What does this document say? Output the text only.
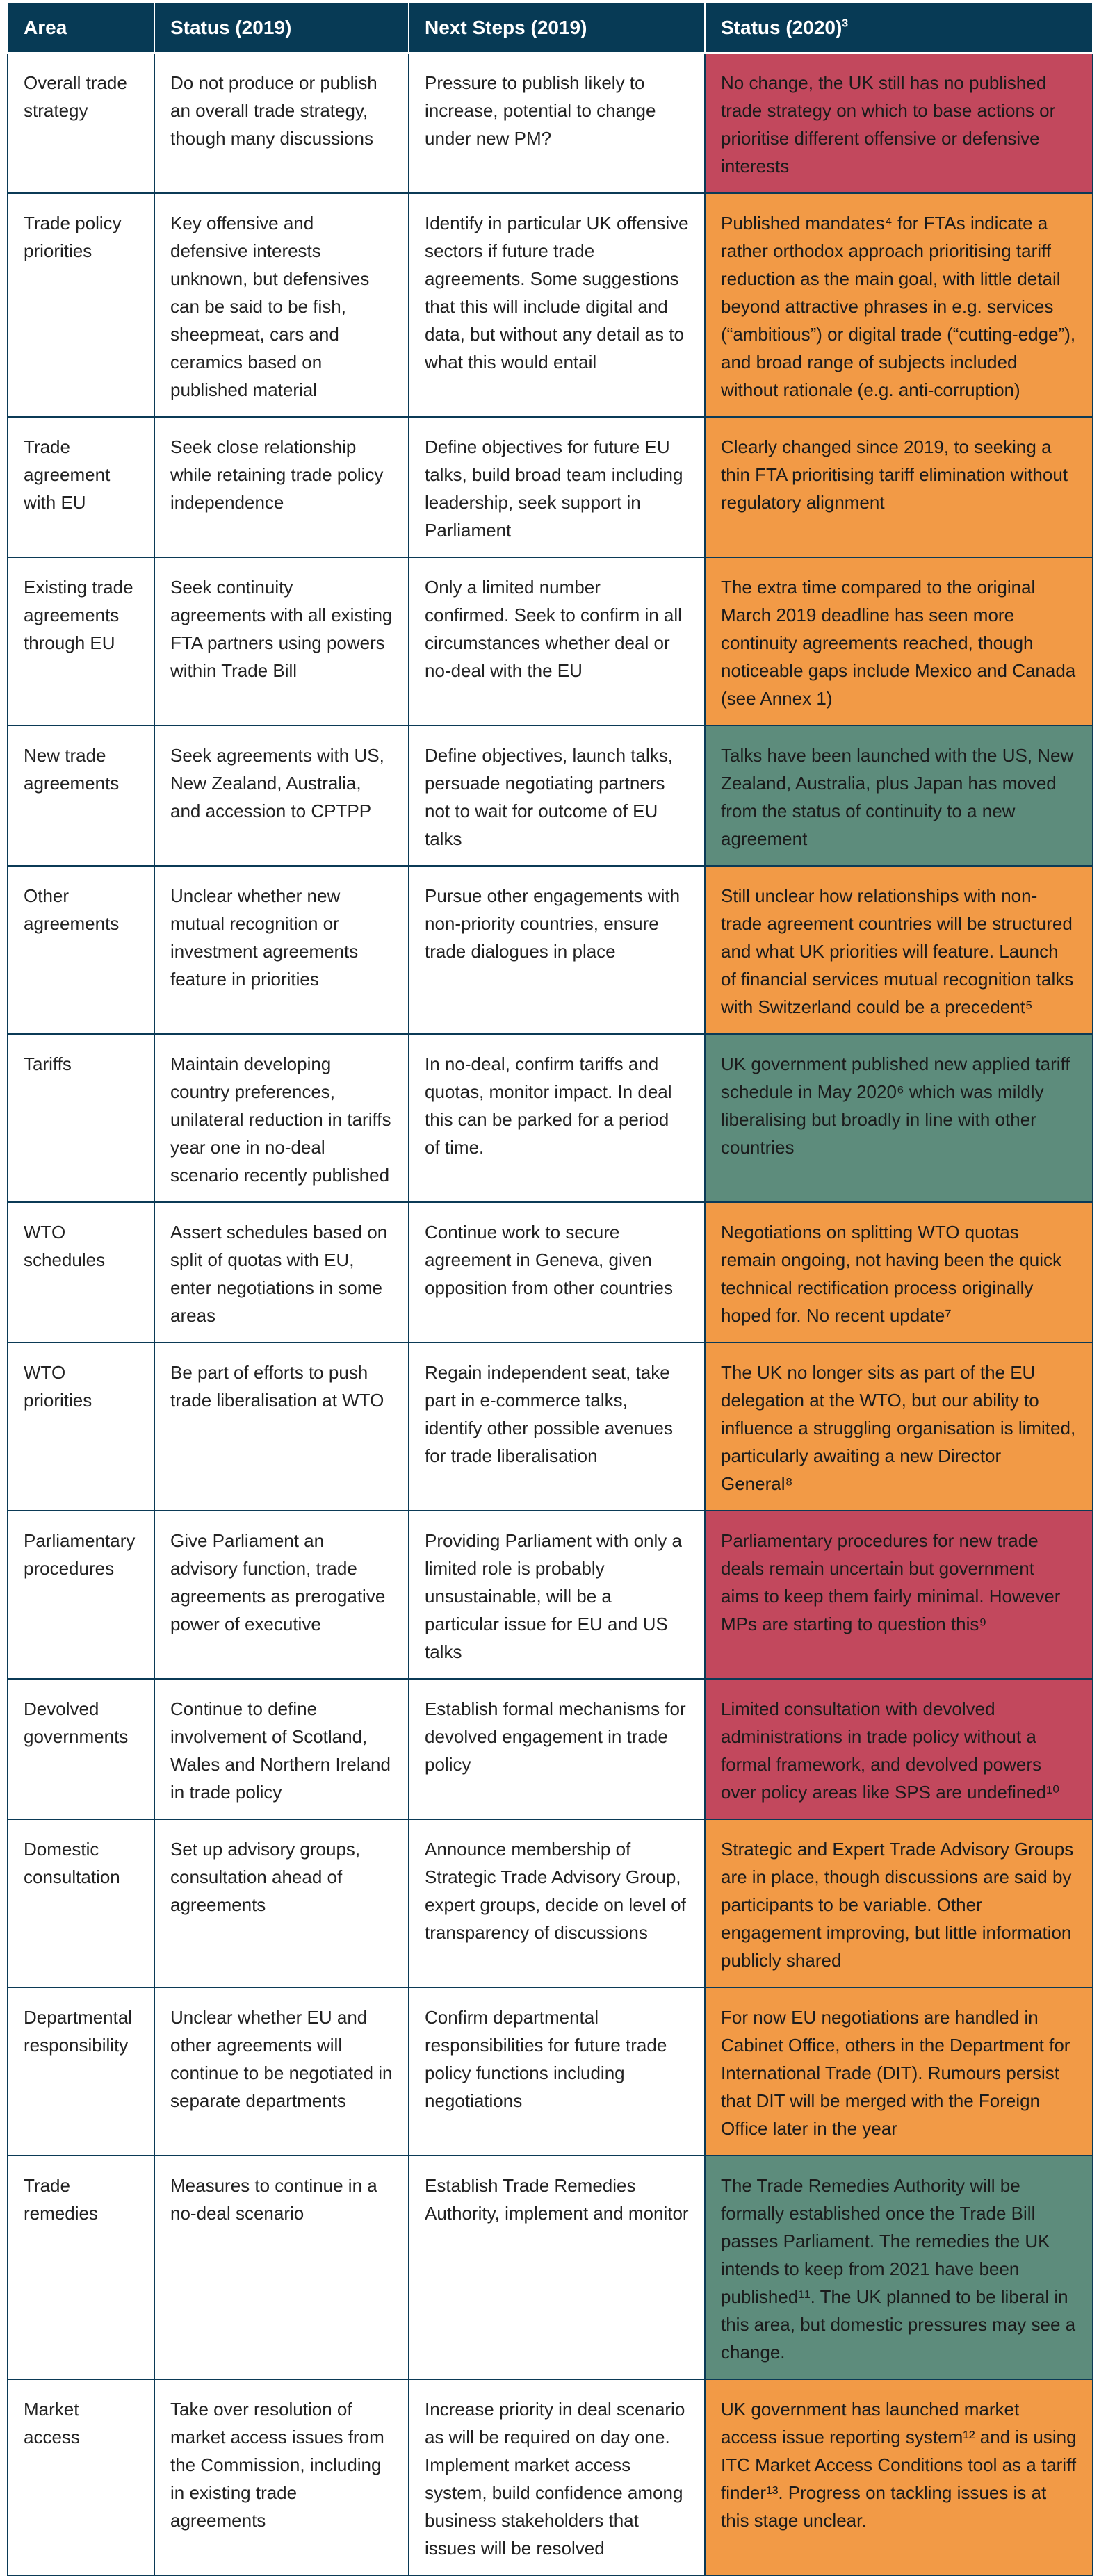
Area	Status (2019)	Next Steps (2019)	Status $(2020)^3$
Overall trade strategy	Do not produce or publish an overall trade strategy, though many discussions	Pressure to publish likely to increase, potential to change under new PM?	No change, the UK still has no published trade strategy on which to base actions or prioritise different offensive or defensive interests
Trade policy priorities	Key offensive and defensive interests unknown, but defensives can be said to be fish, sheepmeat, cars and ceramics based on published material	Identify in particular UK offensive sectors if future trade agreements. Some suggestions that this will include digital and data, but without any detail as to what this would entail	Published mandates⁴ for FTAs indicate a rather orthodox approach prioritising tariff reduction as the main goal, with little detail beyond attractive phrases in e.g. services (“ambitious”) or digital trade (“cutting-edge”), and broad range of subjects included without rationale (e.g. anti-corruption)
Trade agreement with EU	Seek close relationship while retaining trade policy independence	Define objectives for future EU talks, build broad team including leadership, seek support in Parliament	Clearly changed since 2019, to seeking a thin FTA prioritising tariff elimination without regulatory alignment
Existing trade agreements through EU	Seek continuity agreements with all existing FTA partners using powers within Trade Bill	Only a limited number confirmed. Seek to confirm in all circumstances whether deal or no-deal with the EU	The extra time compared to the original March 2019 deadline has seen more continuity agreements reached, though noticeable gaps include Mexico and Canada (see Annex 1)
New trade agreements	Seek agreements with US, New Zealand, Australia, and accession to CPTPP	Define objectives, launch talks, persuade negotiating partners not to wait for outcome of EU talks	Talks have been launched with the US, New Zealand, Australia, plus Japan has moved from the status of continuity to a new agreement
Other agreements	Unclear whether new mutual recognition or investment agreements feature in priorities	Pursue other engagements with non-priority countries, ensure trade dialogues in place	Still unclear how relationships with non-trade agreement countries will be structured and what UK priorities will feature. Launch of financial services mutual recognition talks with Switzerland could be a precedent⁵
Tariffs	Maintain developing country preferences, unilateral reduction in tariffs year one in no-deal scenario recently published	In no-deal, confirm tariffs and quotas, monitor impact. In deal this can be parked for a period of time.	UK government published new applied tariff schedule in May 2020⁶ which was mildly liberalising but broadly in line with other countries
WTO schedules	Assert schedules based on split of quotas with EU, enter negotiations in some areas	Continue work to secure agreement in Geneva, given opposition from other countries	Negotiations on splitting WTO quotas remain ongoing, not having been the quick technical rectification process originally hoped for. No recent update⁷
WTO priorities	Be part of efforts to push trade liberalisation at WTO	Regain independent seat, take part in e-commerce talks, identify other possible avenues for trade liberalisation	The UK no longer sits as part of the EU delegation at the WTO, but our ability to influence a struggling organisation is limited, particularly awaiting a new Director General⁸
Parliamentary procedures	Give Parliament an advisory function, trade agreements as prerogative power of executive	Providing Parliament with only a limited role is probably unsustainable, will be a particular issue for EU and US talks	Parliamentary procedures for new trade deals remain uncertain but government aims to keep them fairly minimal. However MPs are starting to question this⁹
Devolved governments	Continue to define involvement of Scotland, Wales and Northern Ireland in trade policy	Establish formal mechanisms for devolved engagement in trade policy	Limited consultation with devolved administrations in trade policy without a formal framework, and devolved powers over policy areas like SPS are undefined¹⁰
Domestic consultation	Set up advisory groups, consultation ahead of agreements	Announce membership of Strategic Trade Advisory Group, expert groups, decide on level of transparency of discussions	Strategic and Expert Trade Advisory Groups are in place, though discussions are said by participants to be variable. Other engagement improving, but little information publicly shared
Departmental responsibility	Unclear whether EU and other agreements will continue to be negotiated in separate departments	Confirm departmental responsibilities for future trade policy functions including negotiations	For now EU negotiations are handled in Cabinet Office, others in the Department for International Trade (DIT). Rumours persist that DIT will be merged with the Foreign Office later in the year
Trade remedies	Measures to continue in a no-deal scenario	Establish Trade Remedies Authority, implement and monitor	The Trade Remedies Authority will be formally established once the Trade Bill passes Parliament. The remedies the UK intends to keep from 2021 have been published¹¹. The UK planned to be liberal in this area, but domestic pressures may see a change.
Market access	Take over resolution of market access issues from the Commission, including in existing trade agreements	Increase priority in deal scenario as will be required on day one. Implement market access system, build confidence among business stakeholders that issues will be resolved	UK government has launched market access issue reporting system¹² and is using ITC Market Access Conditions tool as a tariff finder¹³. Progress on tackling issues is at this stage unclear.
